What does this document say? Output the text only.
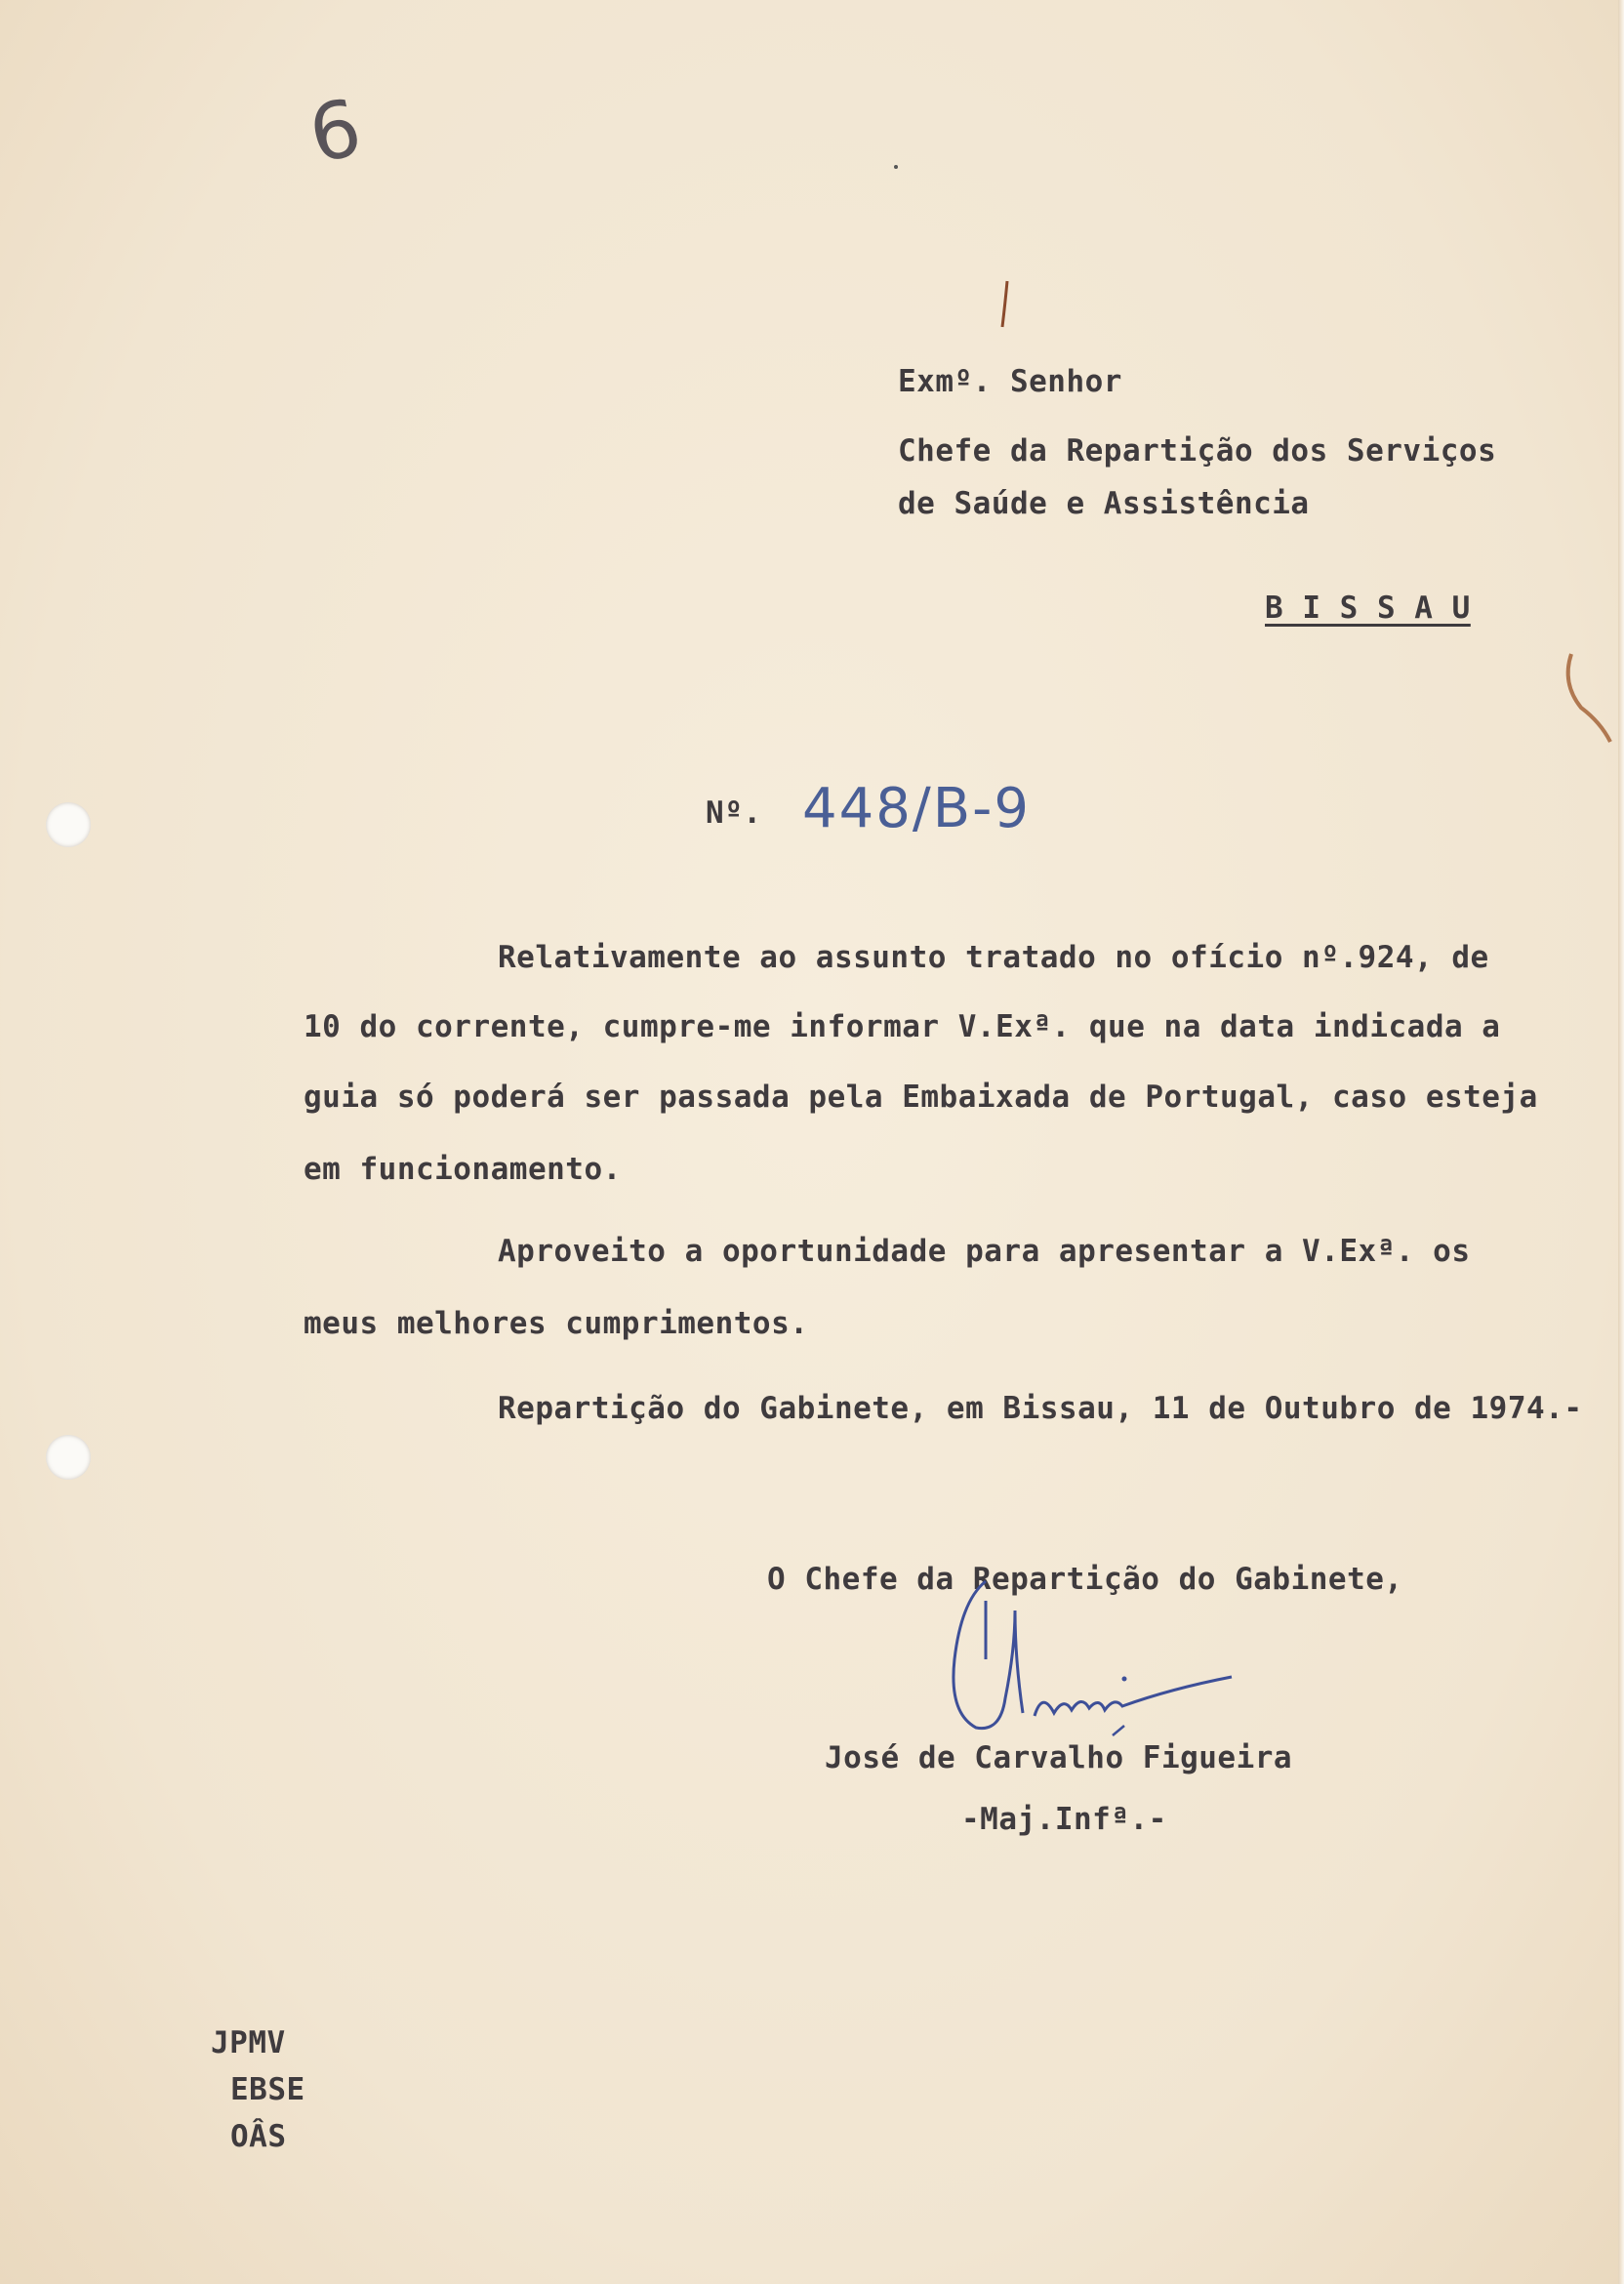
6
Exmº. Senhor
Chefe da Repartição dos Serviços
de Saúde e Assistência
B I S S A U
Nº. 448/B-9
Relativamente ao assunto tratado no ofício nº.924, de
10 do corrente, cumpre-me informar V.Exª. que na data indicada a
guia só poderá ser passada pela Embaixada de Portugal, caso esteja
em funcionamento.
Aproveito a oportunidade para apresentar a V.Exª. os
meus melhores cumprimentos.
Repartição do Gabinete, em Bissau, 11 de Outubro de 1974.-
O Chefe da Repartição do Gabinete,
José de Carvalho Figueira
-Maj.Infª.-
JPMV
EBSE
OÂS
